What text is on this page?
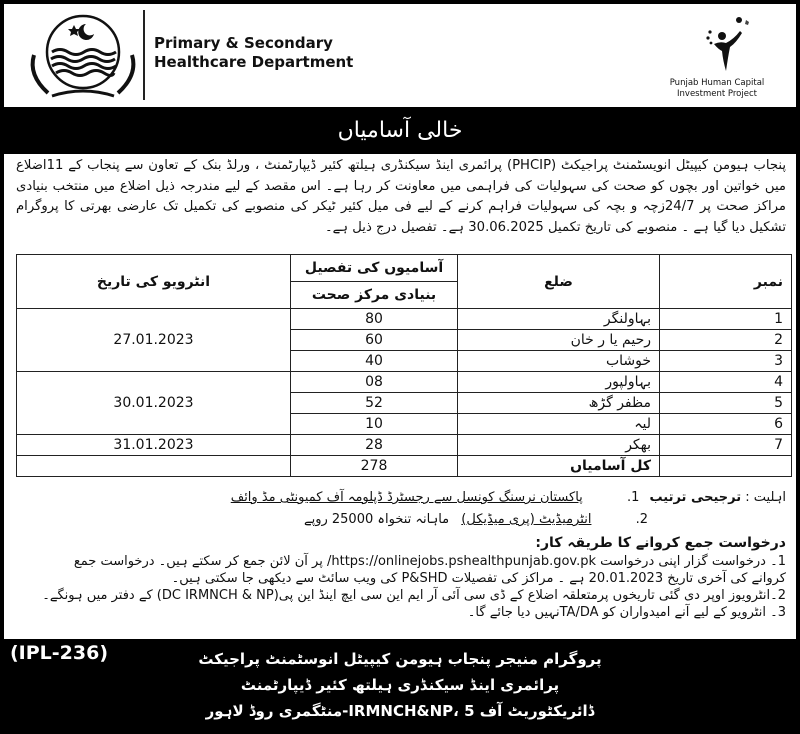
Primary & Secondary
Healthcare Department
Punjab Human Capital
Investment Project
خالی آسامیاں
پنجاب ہیومن کیپیٹل انویسٹمنٹ پراجیکٹ (PHCIP) پرائمری اینڈ سیکنڈری ہیلتھ کئیر ڈیپارٹمنٹ ، ورلڈ بنک کے تعاون سے پنجاب کے 11اضلاع میں خواتین اور بچوں کو صحت کی سہولیات کی فراہمی میں معاونت کر رہا ہے۔ اس مقصد کے لیے مندرجہ ذیل اضلاع میں منتخب بنیادی مراکز صحت پر 24/7زچہ و بچہ کی سہولیات فراہم کرنے کے لیے فی میل کئیر ٹیکر کی منصوبے کی تکمیل تک عارضی بھرتی کا پروگرام تشکیل دیا گیا ہے ۔ منصوبے کی تاریخ تکمیل 30.06.2025 ہے۔ تفصیل درج ذیل ہے۔
نمبر	ضلع	آسامیوں کی تفصیل	انٹرویو کی تاریخ
		بنیادی مرکز صحت	
1	بہاولنگر	80	27.01.2023
2	رحیم یا ر خان	60	
3	خوشاب	40	
4	بہاولپور	08	30.01.2023
5	مظفر گڑھ	52	
6	لیہ	10	
7	بھکر	28	31.01.2023
	کل آسامیاں	278	
اہلیت : ترجیحی ترتیب 1. پاکستان نرسنگ کونسل سے رجسٹرڈ ڈپلومہ آف کمیونٹی مڈ وائف
2. انٹرمیڈیٹ (پری میڈیکل) ماہانہ تنخواہ 25000 روپے
درخواست جمع کروانے کا طریقہ کار:
1۔ درخواست گزار اپنی درخواست https://onlinejobs.pshealthpunjab.gov.pk/ پر آن لائن جمع کر سکتے ہیں۔ درخواست جمع
کروانے کی آخری تاریخ 20.01.2023 ہے ۔ مراکز کی تفصیلات P&SHD کی ویب سائٹ سے دیکھی جا سکتی ہیں۔
2۔انٹرویوز اوپر دی گئی تاریخوں پرمتعلقہ اضلاع کے ڈی سی آئی آر ایم این سی ایچ اینڈ این پی(DC IRMNCH & NP) کے دفتر میں ہونگے۔
3۔ انٹرویو کے لیے آنے امیدواران کو TA/DAنہیں دیا جائے گا۔
(IPL-236)	پروگرام منیجر پنجاب ہیومن کیپیٹل انوسٹمنٹ پراجیکٹ
پرائمری اینڈ سیکنڈری ہیلتھ کئیر ڈیپارٹمنٹ
ڈائریکٹوریٹ آف IRMNCH&NP، 5-منٹگمری روڈ لاہور
